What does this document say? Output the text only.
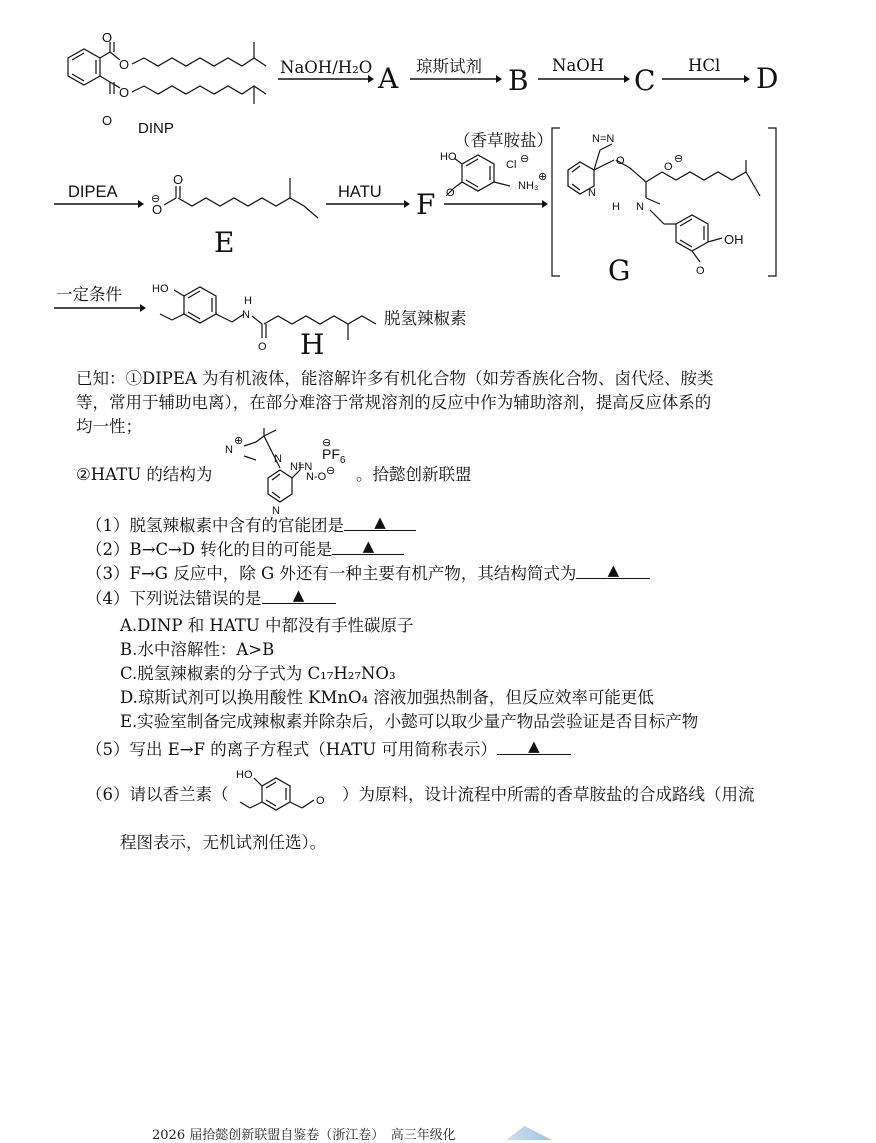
O
O
O
O
O
O
⊖
HO
O
NH₃
⊕
Cl ⊖
N=N
O	O
⊖
N
H N
OH
O
HO
H
N
O
N
⊕
N
N=N
N-O ⊖
N
⊖
HO
O
DINP
NaOH/H₂O A 琼斯试剂 B NaOH C HCl D
DIPEA
E
HATU F
（香草胺盐）
G
一定条件
H
脱氢辣椒素
已知：①DIPEA 为有机液体，能溶解许多有机化合物（如芳香族化合物、卤代烃、胺类
等，常用于辅助电离），在部分难溶于常规溶剂的反应中作为辅助溶剂，提高反应体系的
均一性；
②HATU 的结构为	。拾懿创新联盟
$PF_6$
（1）脱氢辣椒素中含有的官能团是 ▲
（2）B→C→D 转化的目的可能是 ▲
（3）F→G 反应中，除 G 外还有一种主要有机产物，其结构简式为 ▲
（4）下列说法错误的是 ▲
A.DINP 和 HATU 中都没有手性碳原子
B.水中溶解性：A>B
C.脱氢辣椒素的分子式为 C₁₇H₂₇NO₃
D.琼斯试剂可以换用酸性 KMnO₄ 溶液加强热制备，但反应效率可能更低
E.实验室制备完成辣椒素并除杂后，小懿可以取少量产物品尝验证是否目标产物
（5）写出 E→F 的离子方程式（HATU 可用简称表示） ▲
（6）请以香兰素（	）为原料，设计流程中所需的香草胺盐的合成路线（用流
程图表示，无机试剂任选）。
2026 届拾懿创新联盟自鉴卷（浙江卷）　高三年级化
